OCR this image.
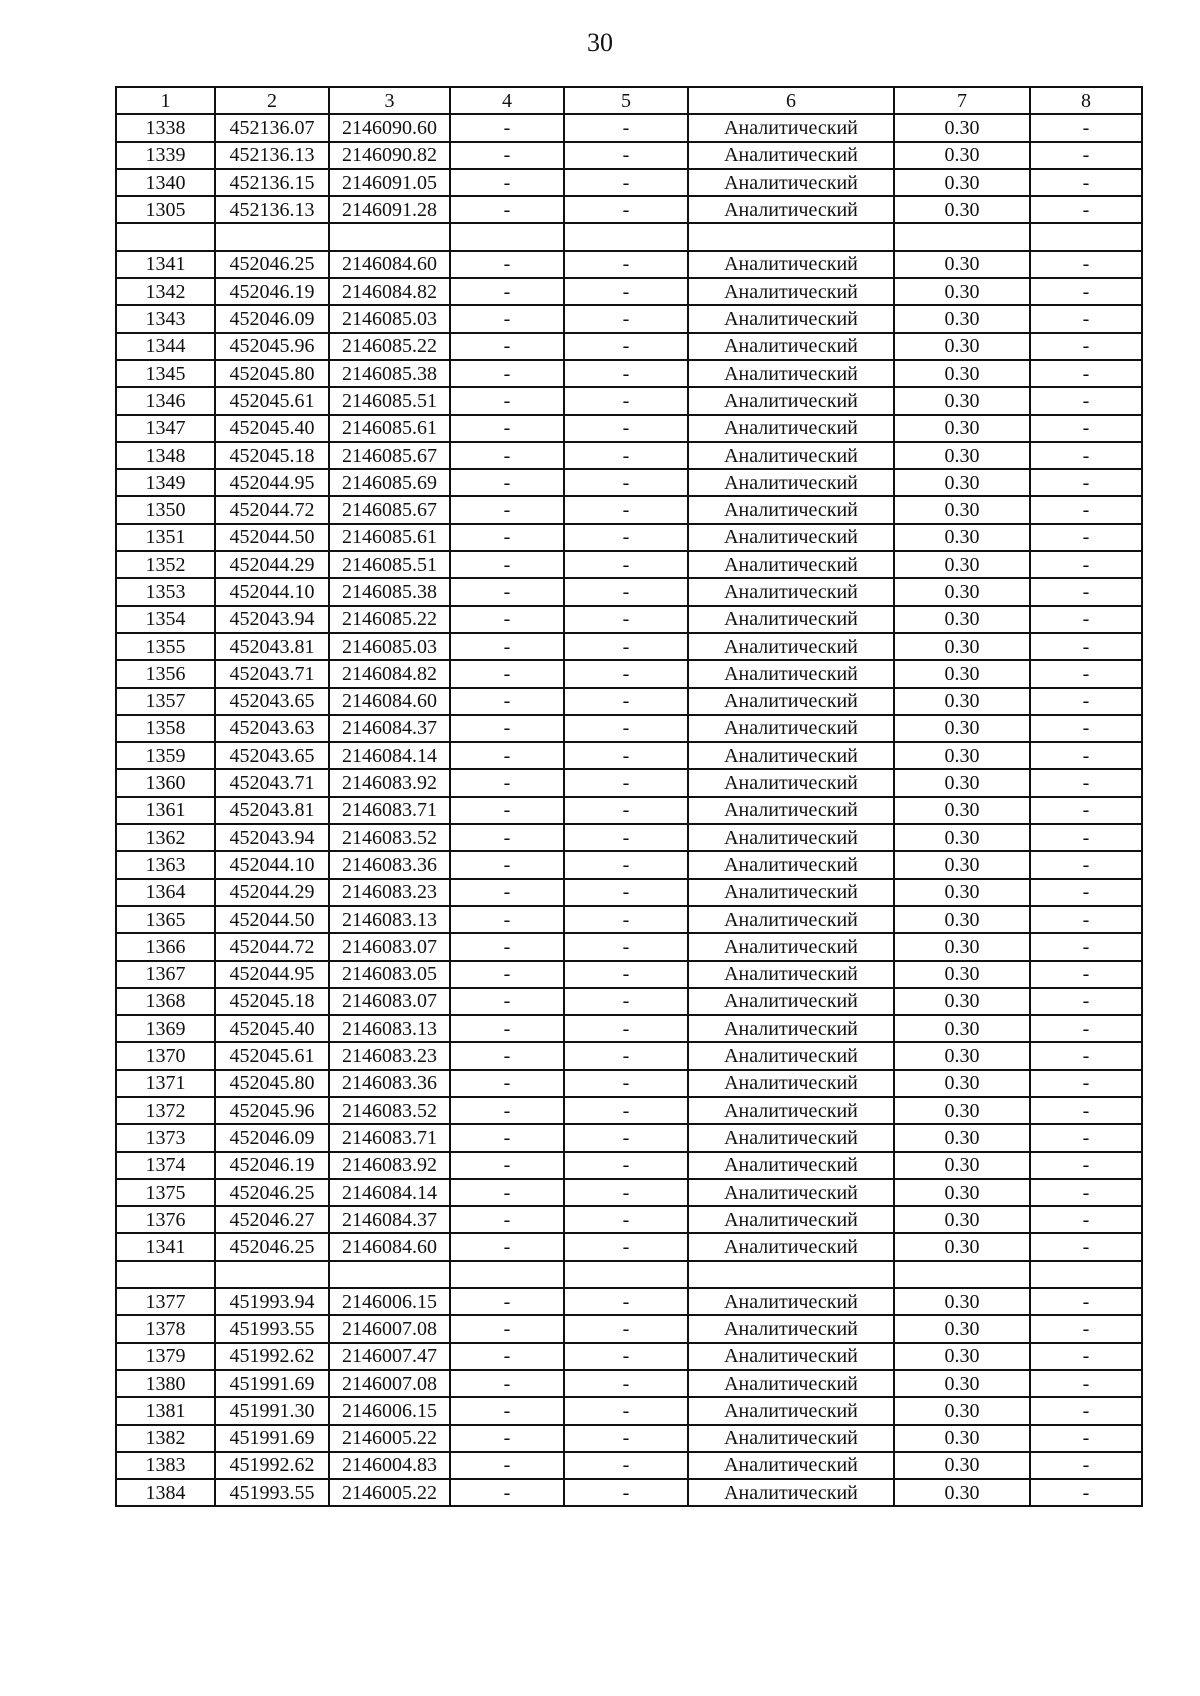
30
1	2	3	4	5	6	7	8
1338	452136.07	2146090.60	-	-	Аналитический	0.30	-
1339	452136.13	2146090.82	-	-	Аналитический	0.30	-
1340	452136.15	2146091.05	-	-	Аналитический	0.30	-
1305	452136.13	2146091.28	-	-	Аналитический	0.30	-

1341	452046.25	2146084.60	-	-	Аналитический	0.30	-
1342	452046.19	2146084.82	-	-	Аналитический	0.30	-
1343	452046.09	2146085.03	-	-	Аналитический	0.30	-
1344	452045.96	2146085.22	-	-	Аналитический	0.30	-
1345	452045.80	2146085.38	-	-	Аналитический	0.30	-
1346	452045.61	2146085.51	-	-	Аналитический	0.30	-
1347	452045.40	2146085.61	-	-	Аналитический	0.30	-
1348	452045.18	2146085.67	-	-	Аналитический	0.30	-
1349	452044.95	2146085.69	-	-	Аналитический	0.30	-
1350	452044.72	2146085.67	-	-	Аналитический	0.30	-
1351	452044.50	2146085.61	-	-	Аналитический	0.30	-
1352	452044.29	2146085.51	-	-	Аналитический	0.30	-
1353	452044.10	2146085.38	-	-	Аналитический	0.30	-
1354	452043.94	2146085.22	-	-	Аналитический	0.30	-
1355	452043.81	2146085.03	-	-	Аналитический	0.30	-
1356	452043.71	2146084.82	-	-	Аналитический	0.30	-
1357	452043.65	2146084.60	-	-	Аналитический	0.30	-
1358	452043.63	2146084.37	-	-	Аналитический	0.30	-
1359	452043.65	2146084.14	-	-	Аналитический	0.30	-
1360	452043.71	2146083.92	-	-	Аналитический	0.30	-
1361	452043.81	2146083.71	-	-	Аналитический	0.30	-
1362	452043.94	2146083.52	-	-	Аналитический	0.30	-
1363	452044.10	2146083.36	-	-	Аналитический	0.30	-
1364	452044.29	2146083.23	-	-	Аналитический	0.30	-
1365	452044.50	2146083.13	-	-	Аналитический	0.30	-
1366	452044.72	2146083.07	-	-	Аналитический	0.30	-
1367	452044.95	2146083.05	-	-	Аналитический	0.30	-
1368	452045.18	2146083.07	-	-	Аналитический	0.30	-
1369	452045.40	2146083.13	-	-	Аналитический	0.30	-
1370	452045.61	2146083.23	-	-	Аналитический	0.30	-
1371	452045.80	2146083.36	-	-	Аналитический	0.30	-
1372	452045.96	2146083.52	-	-	Аналитический	0.30	-
1373	452046.09	2146083.71	-	-	Аналитический	0.30	-
1374	452046.19	2146083.92	-	-	Аналитический	0.30	-
1375	452046.25	2146084.14	-	-	Аналитический	0.30	-
1376	452046.27	2146084.37	-	-	Аналитический	0.30	-
1341	452046.25	2146084.60	-	-	Аналитический	0.30	-

1377	451993.94	2146006.15	-	-	Аналитический	0.30	-
1378	451993.55	2146007.08	-	-	Аналитический	0.30	-
1379	451992.62	2146007.47	-	-	Аналитический	0.30	-
1380	451991.69	2146007.08	-	-	Аналитический	0.30	-
1381	451991.30	2146006.15	-	-	Аналитический	0.30	-
1382	451991.69	2146005.22	-	-	Аналитический	0.30	-
1383	451992.62	2146004.83	-	-	Аналитический	0.30	-
1384	451993.55	2146005.22	-	-	Аналитический	0.30	-
